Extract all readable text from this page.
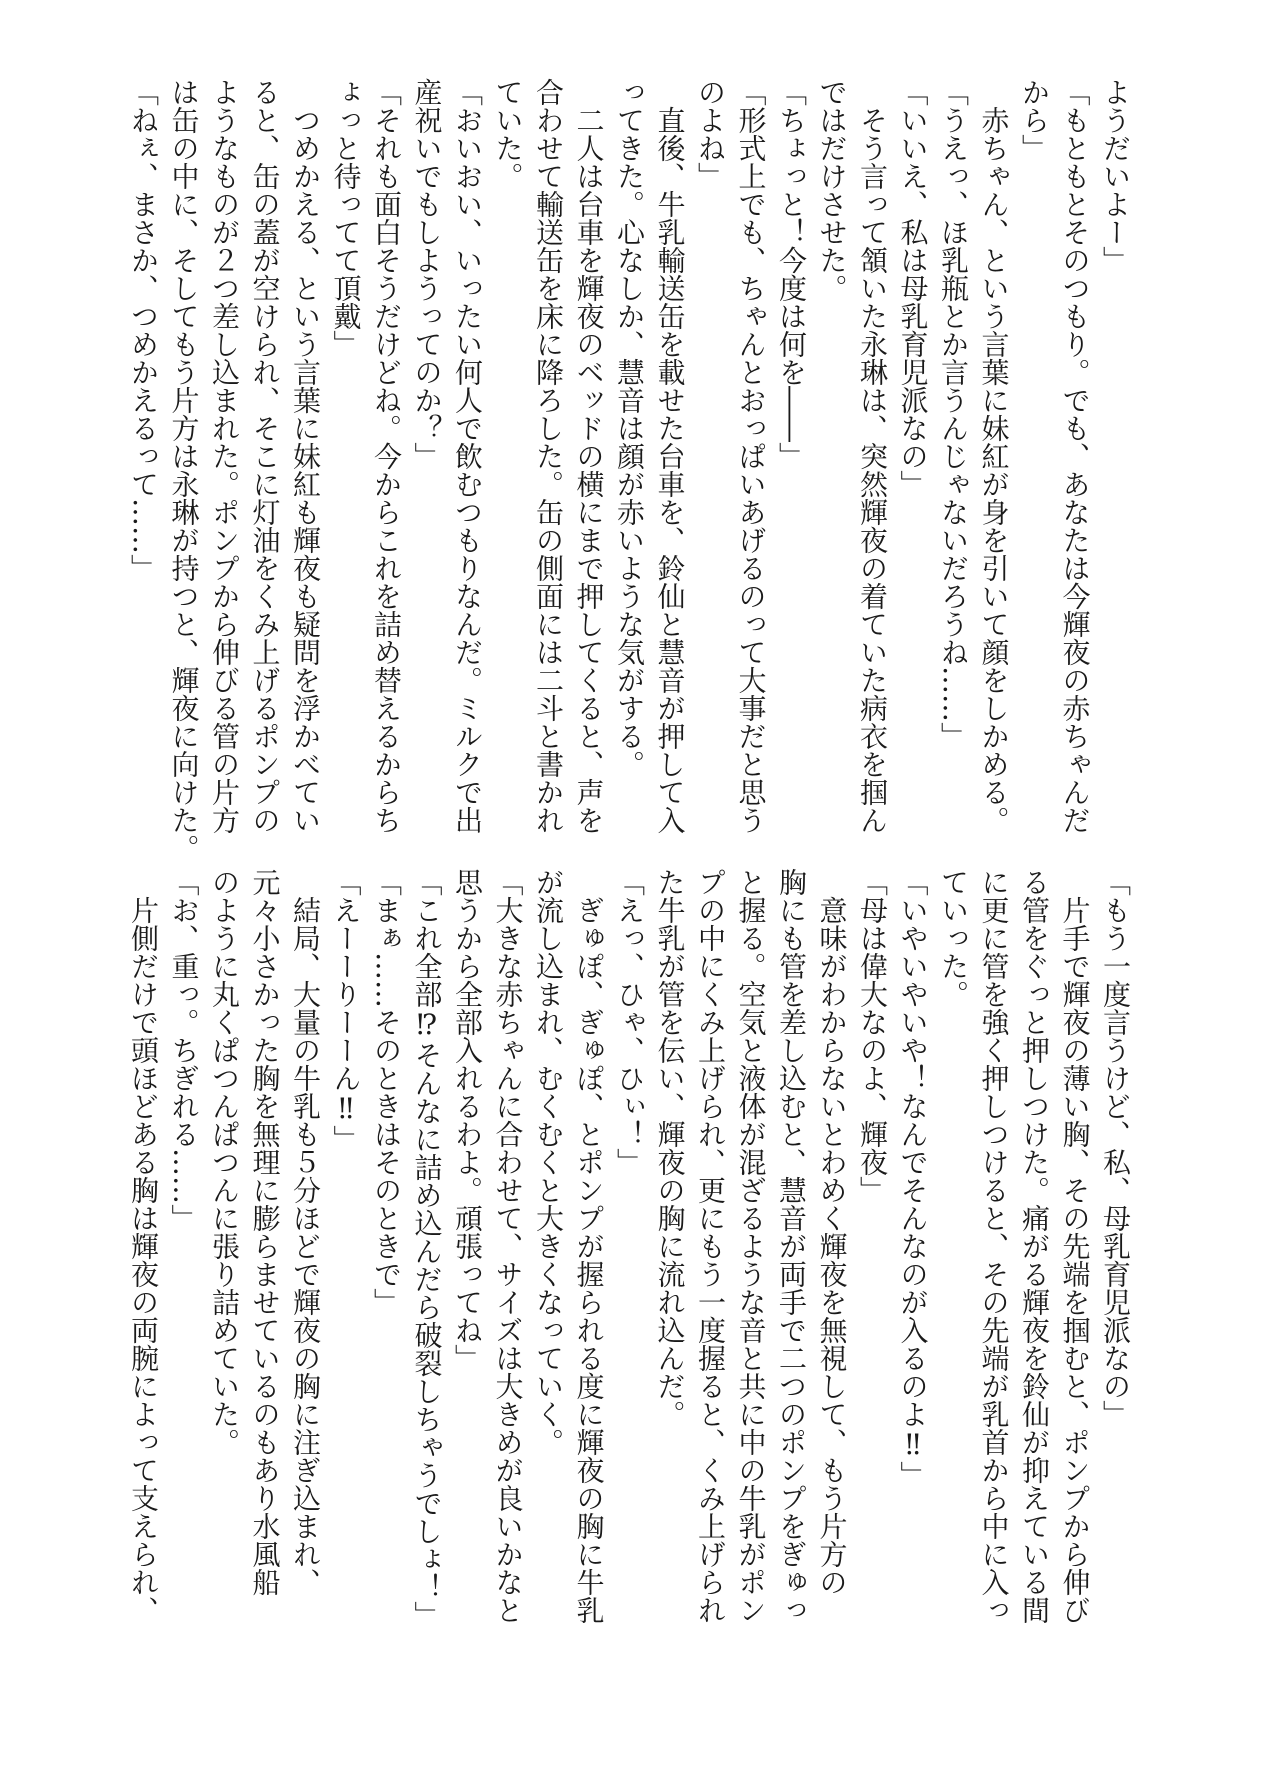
ようだいよー」
「もともとそのつもり。でも、あなたは今輝夜の赤ちゃんだ
から」
　赤ちゃん、という言葉に妹紅が身を引いて顔をしかめる。
「うえっ、ほ乳瓶とか言うんじゃないだろうね……」
「いいえ、私は母乳育児派なの」
　そう言って頷いた永琳は、突然輝夜の着ていた病衣を掴ん
ではだけさせた。
「ちょっと！今度は何を――」
「形式上でも、ちゃんとおっぱいあげるのって大事だと思う
のよね」
　直後、牛乳輸送缶を載せた台車を、鈴仙と慧音が押して入
ってきた。心なしか、慧音は顔が赤いような気がする。
　二人は台車を輝夜のベッドの横にまで押してくると、声を
合わせて輸送缶を床に降ろした。缶の側面には二斗と書かれ
ていた。
「おいおい、いったい何人で飲むつもりなんだ。ミルクで出
産祝いでもしようってのか？」
「それも面白そうだけどね。今からこれを詰め替えるからち
ょっと待ってて頂戴」
　つめかえる、という言葉に妹紅も輝夜も疑問を浮かべてい
ると、缶の蓋が空けられ、そこに灯油をくみ上げるポンプの
ようなものが２つ差し込まれた。ポンプから伸びる管の片方
は缶の中に、そしてもう片方は永琳が持つと、輝夜に向けた。
「ねぇ、まさか、つめかえるって……」
「もう一度言うけど、私、母乳育児派なの」
　片手で輝夜の薄い胸、その先端を掴むと、ポンプから伸び
る管をぐっと押しつけた。痛がる輝夜を鈴仙が抑えている間
に更に管を強く押しつけると、その先端が乳首から中に入っ
ていった。
「いやいやいや！なんでそんなのが入るのよ‼」
「母は偉大なのよ、輝夜」
　意味がわからないとわめく輝夜を無視して、もう片方の
胸にも管を差し込むと、慧音が両手で二つのポンプをぎゅっ
と握る。空気と液体が混ざるような音と共に中の牛乳がポン
プの中にくみ上げられ、更にもう一度握ると、くみ上げられ
た牛乳が管を伝い、輝夜の胸に流れ込んだ。
「えっ、ひゃ、ひぃ！」
　ぎゅぽ、ぎゅぽ、とポンプが握られる度に輝夜の胸に牛乳
が流し込まれ、むくむくと大きくなっていく。
「大きな赤ちゃんに合わせて、サイズは大きめが良いかなと
思うから全部入れるわよ。頑張ってね」
「これ全部⁉そんなに詰め込んだら破裂しちゃうでしょ！」
「まぁ……そのときはそのときで」
「えーーりーーん‼」
　結局、大量の牛乳も５分ほどで輝夜の胸に注ぎ込まれ、
元々小さかった胸を無理に膨らませているのもあり水風船
のように丸くぱつんぱつんに張り詰めていた。
「お、重っ。ちぎれる……」
　片側だけで頭ほどある胸は輝夜の両腕によって支えられ、
